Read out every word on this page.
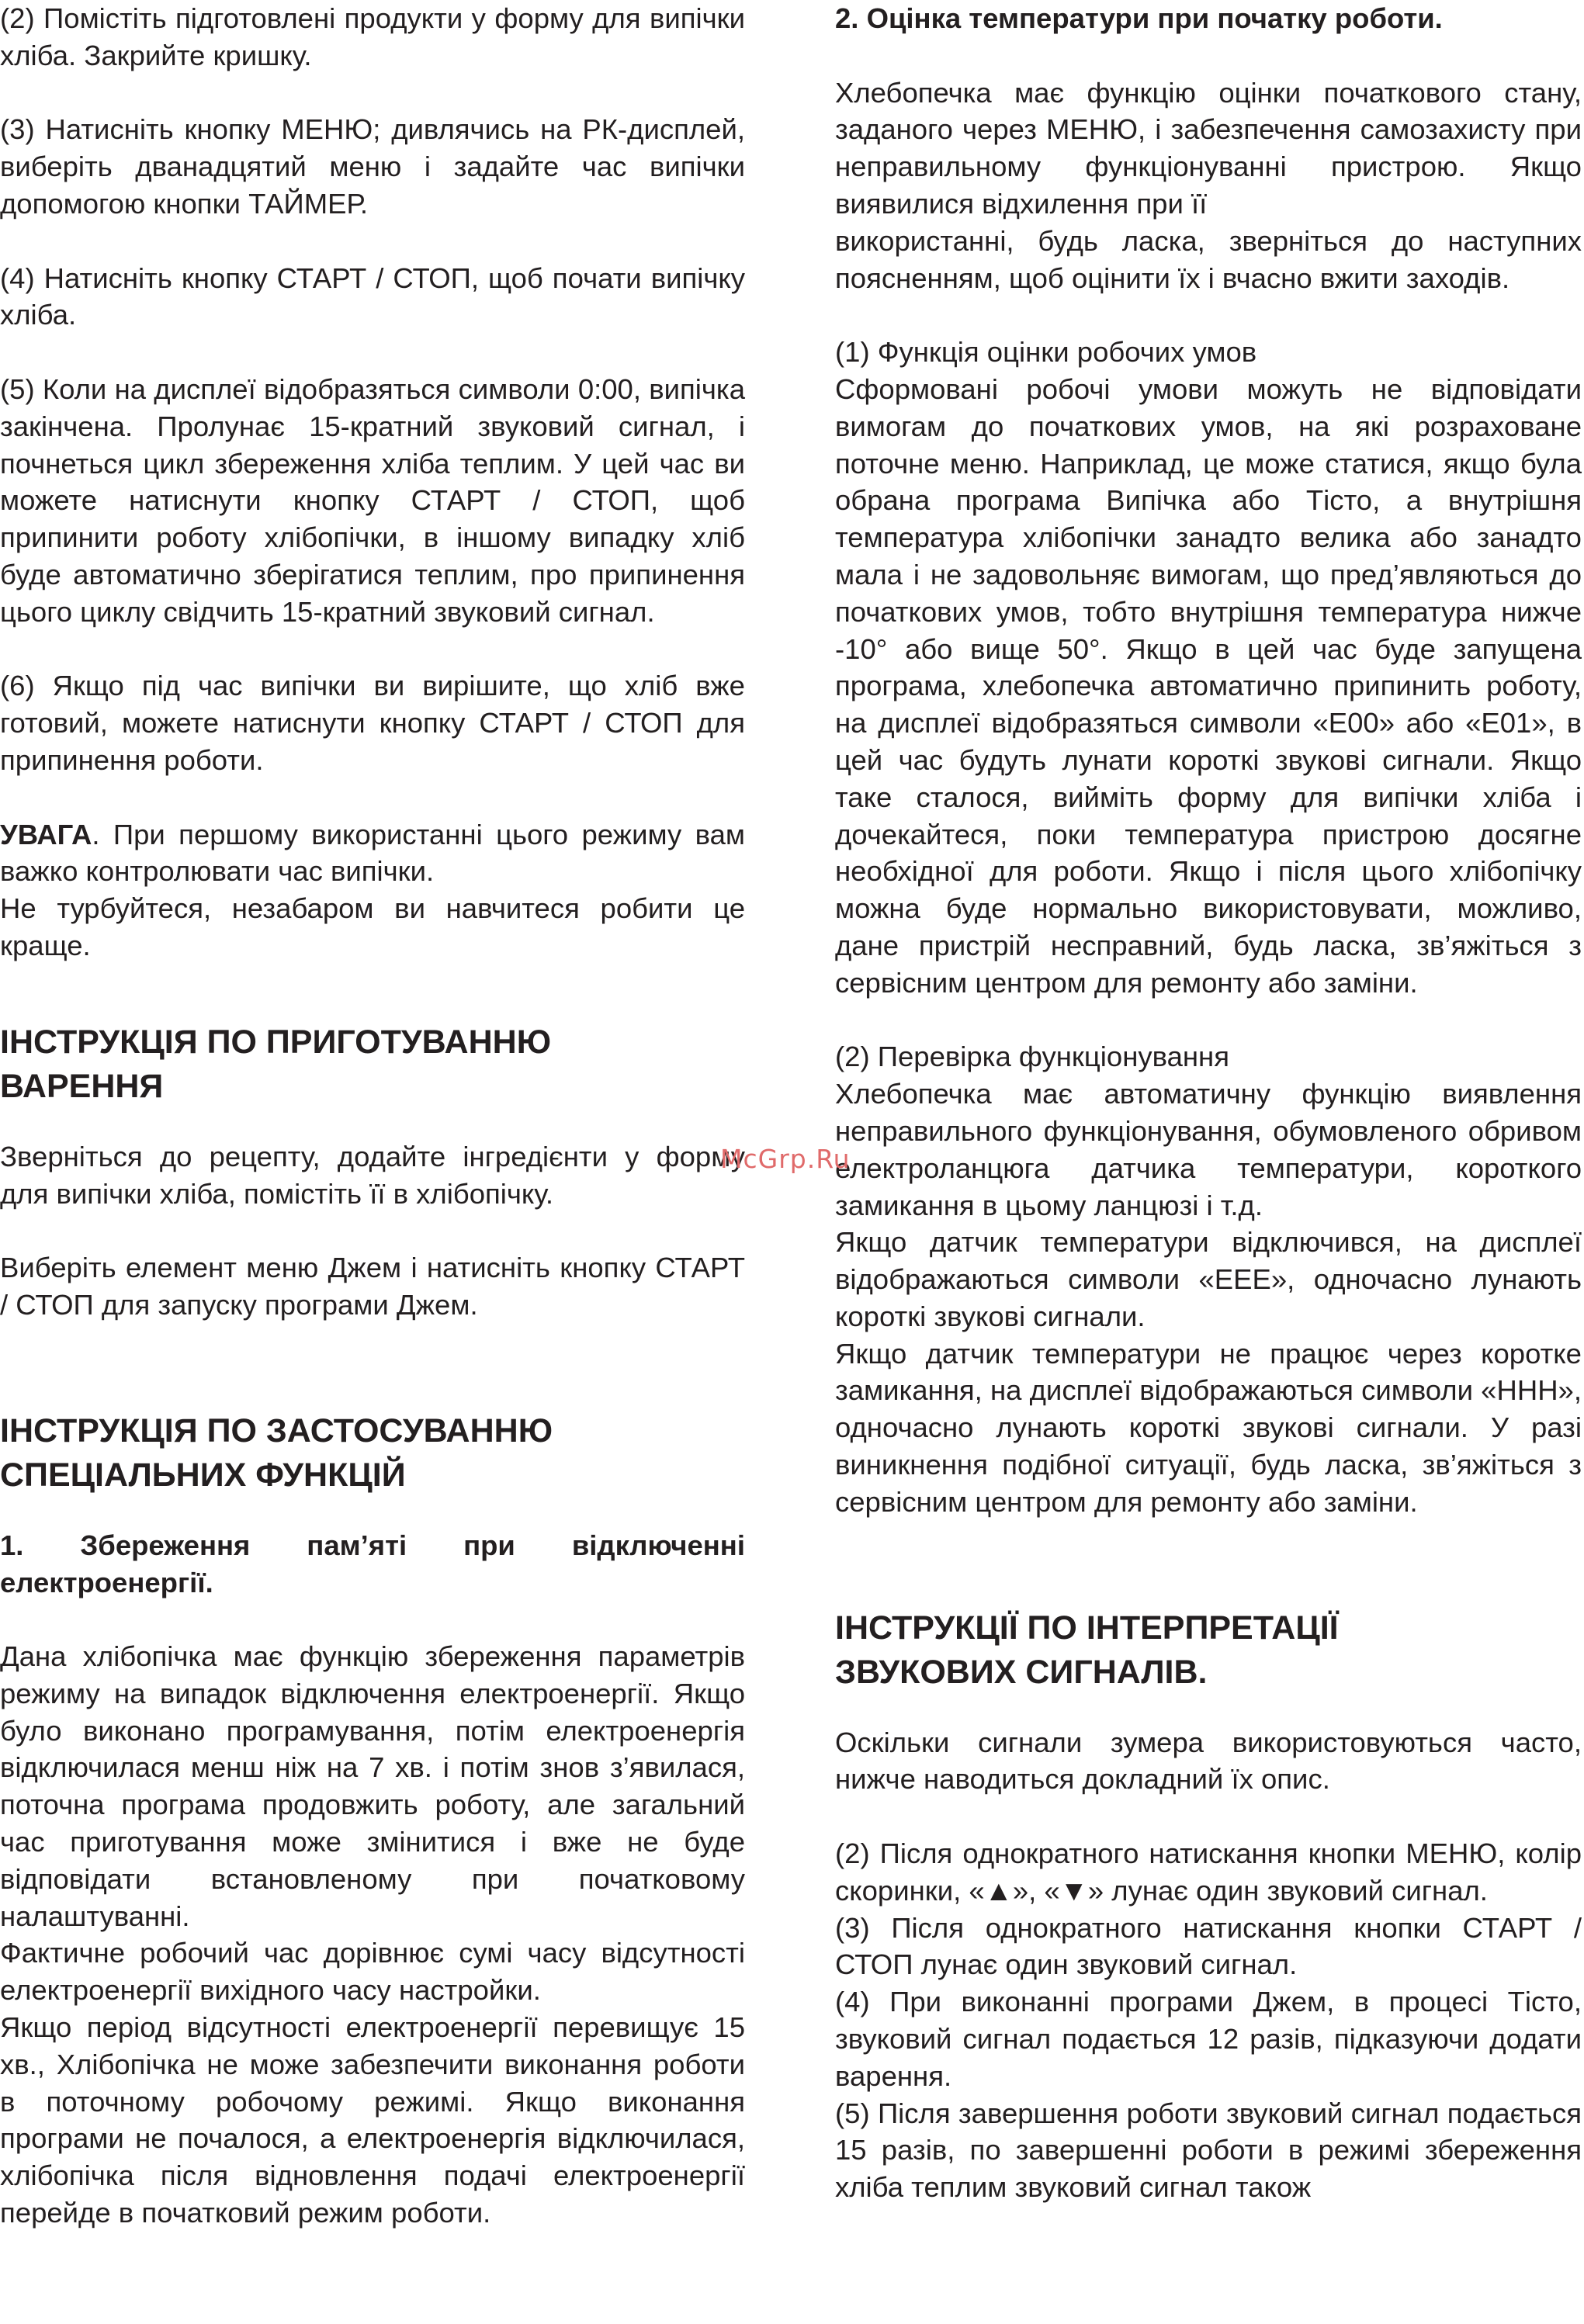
(2) Помістіть підготовлені продукти у форму для випічки хліба. Закрийте кришку.

(3) Натисніть кнопку МЕНЮ; дивлячись на РК-дисплей, виберіть дванадцятий меню і задайте час випічки допомогою кнопки ТАЙМЕР.

(4) Натисніть кнопку СТАРТ / СТОП, щоб почати випічку хліба.

(5) Коли на дисплеї відобразяться символи 0:00, випічка закінчена. Пролунає 15-кратний звуковий сигнал, і почнеться цикл збереження хліба теплим. У цей час ви можете натиснути кнопку СТАРТ / СТОП, щоб припинити роботу хлібопічки, в іншому випадку хліб буде автоматично зберігатися теплим, про припинення цього циклу свідчить 15-кратний звуковий сигнал.

(6) Якщо під час випічки ви вирішите, що хліб вже готовий, можете натиснути кнопку СТАРТ / СТОП для припинення роботи.

УВАГА. При першому використанні цього режиму вам важко контролювати час випічки.

Не турбуйтеся, незабаром ви навчитеся робити це краще.

ІНСТРУКЦІЯ ПО ПРИГОТУВАННЮ

ВАРЕННЯ

Зверніться до рецепту, додайте інгредієнти у форму для випічки хліба, помістіть її в хлібопічку.

Виберіть елемент меню Джем і натисніть кнопку СТАРТ / СТОП для запуску програми Джем.

ІНСТРУКЦІЯ ПО ЗАСТОСУВАННЮ

СПЕЦІАЛЬНИХ ФУНКЦІЙ

1. Збереження пам’яті при відключенні електроенергії.

Дана хлібопічка має функцію збереження параметрів режиму на випадок відключення електроенергії. Якщо було виконано програмування, потім електроенергія відключилася менш ніж на 7 хв. і потім знов з’явилася, поточна програма продовжить роботу, але загальний час приготування може змінитися і вже не буде відповідати встановленому при початковому налаштуванні.

Фактичне робочий час дорівнює сумі часу відсутності електроенергії вихідного часу настройки.

Якщо період відсутності електроенергії перевищує 15 хв., Хлібопічка не може забезпечити виконання роботи в поточному робочому режимі. Якщо виконання програми не почалося, а електроенергія відключилася, хлібопічка після відновлення подачі електроенергії перейде в початковий режим роботи.

2. Оцінка температури при початку роботи.

Хлебопечка має функцію оцінки початкового стану, заданого через МЕНЮ, і забезпечення самозахисту при неправильному функціонуванні пристрою. Якщо виявилися відхилення при її

використанні, будь ласка, зверніться до наступних поясненням, щоб оцінити їх і вчасно вжити заходів.

(1) Функція оцінки робочих умов

Сформовані робочі умови можуть не відповідати вимогам до початкових умов, на які розраховане поточне меню. Наприклад, це може статися, якщо була обрана програма Випічка або Тісто, а внутрішня температура хлібопічки занадто велика або занадто мала і не задовольняє вимогам, що пред’являються до початкових умов, тобто внутрішня температура нижче -10° або вище 50°. Якщо в цей час буде запущена програма, хлебопечка автоматично припинить роботу, на дисплеї відобразяться символи «E00» або «E01», в цей час будуть лунати короткі звукові сигнали. Якщо таке сталося, вийміть форму для випічки хліба і дочекайтеся, поки температура пристрою досягне необхідної для роботи. Якщо і після цього хлібопічку можна буде нормально використовувати, можливо, дане пристрій несправний, будь ласка, зв’яжіться з сервісним центром для ремонту або заміни.

(2) Перевірка функціонування

Хлебопечка має автоматичну функцію виявлення неправильного функціонування, обумовленого обривом електроланцюга датчика температури, короткого замикання в цьому ланцюзі і т.д.

Якщо датчик температури відключився, на дисплеї відображаються символи «EEE», одночасно лунають короткі звукові сигнали.

Якщо датчик температури не працює через коротке замикання, на дисплеї відображаються символи «HHH», одночасно лунають короткі звукові сигнали. У разі виникнення подібної ситуації, будь ласка, зв’яжіться з сервісним центром для ремонту або заміни.

ІНСТРУКЦІЇ ПО ІНТЕРПРЕТАЦІЇ

ЗВУКОВИХ СИГНАЛІВ.

Оскільки сигнали зумера використовуються часто, нижче наводиться докладний їх опис.

(2) Після однократного натискання кнопки МЕНЮ, колір скоринки, «▲», «▼» лунає один звуковий сигнал.

(3) Після однократного натискання кнопки СТАРТ / СТОП лунає один звуковий сигнал.

(4) При виконанні програми Джем, в процесі Тісто, звуковий сигнал подається 12 разів, підказуючи додати варення.

(5) Після завершення роботи звуковий сигнал подається 15 разів, по завершенні роботи в режимі збереження хліба теплим звуковий сигнал також

McGrp.Ru
